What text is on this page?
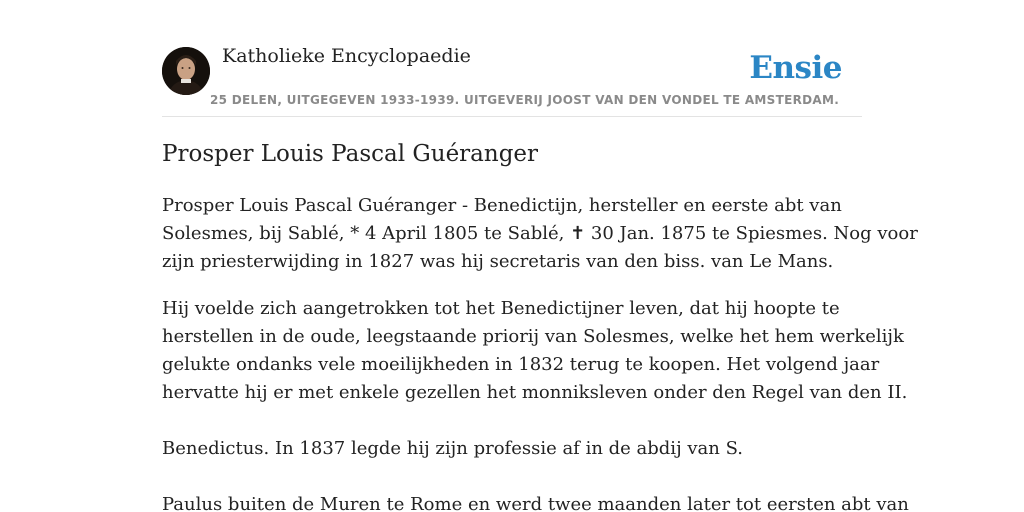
Katholieke Encyclopaedie	Ensie
25 DELEN, UITGEGEVEN 1933-1939. UITGEVERIJ JOOST VAN DEN VONDEL TE AMSTERDAM.
Prosper Louis Pascal Guéranger

Prosper Louis Pascal Guéranger - Benedictijn, hersteller en eerste abt van
Solesmes, bij Sablé, * 4 April 1805 te Sablé, ✝ 30 Jan. 1875 te Spiesmes. Nog voor
zijn priesterwijding in 1827 was hij secretaris van den biss. van Le Mans.

Hij voelde zich aangetrokken tot het Benedictijner leven, dat hij hoopte te
herstellen in de oude, leegstaande priorij van Solesmes, welke het hem werkelijk
gelukte ondanks vele moeilijkheden in 1832 terug te koopen. Het volgend jaar
hervatte hij er met enkele gezellen het monniksleven onder den Regel van den II.

Benedictus. In 1837 legde hij zijn professie af in de abdij van S.

Paulus buiten de Muren te Rome en werd twee maanden later tot eersten abt van
